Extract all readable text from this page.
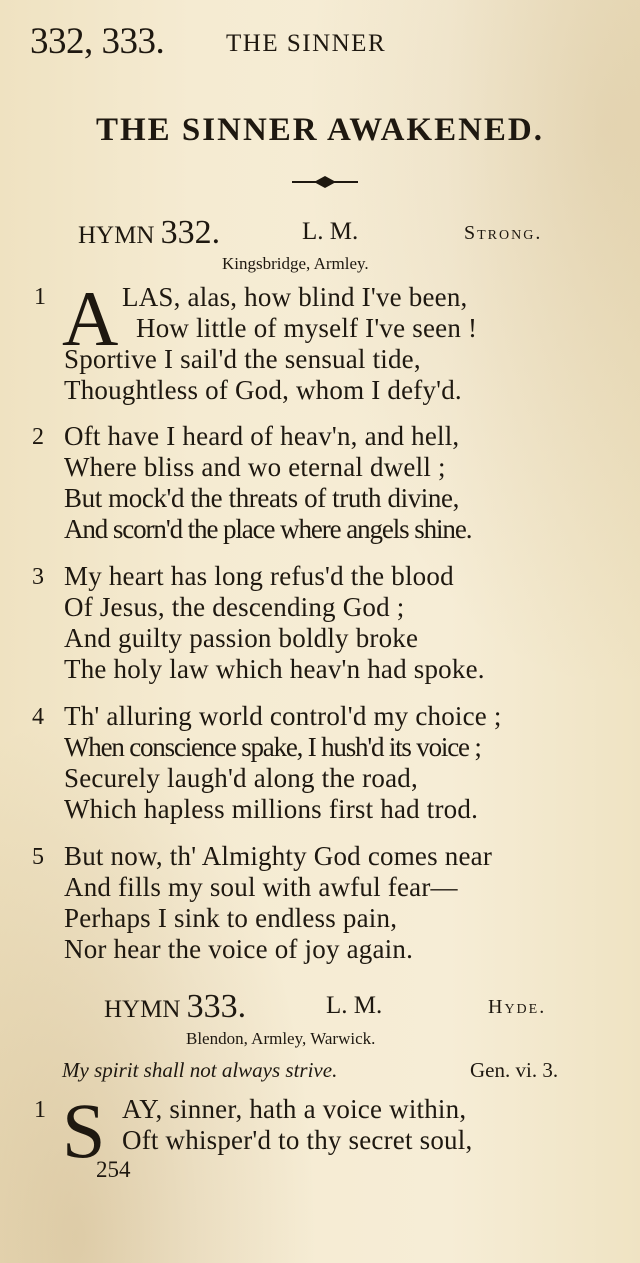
332, 333. THE SINNER
THE SINNER AWAKENED.
HYMN 332.	L. M.	Strong.
Kingsbridge, Armley.
1 A LAS, alas, how blind I've been,
How little of myself I've seen !
Sportive I sail'd the sensual tide,
Thoughtless of God, whom I defy'd.
2 Oft have I heard of heav'n, and hell,
Where bliss and wo eternal dwell ;
But mock'd the threats of truth divine,
And scorn'd the place where angels shine.
3 My heart has long refus'd the blood
Of Jesus, the descending God ;
And guilty passion boldly broke
The holy law which heav'n had spoke.
4 Th' alluring world control'd my choice ;
When conscience spake, I hush'd its voice ;
Securely laugh'd along the road,
Which hapless millions first had trod.
5 But now, th' Almighty God comes near
And fills my soul with awful fear—
Perhaps I sink to endless pain,
Nor hear the voice of joy again.
HYMN 333.	L. M.	Hyde.
Blendon, Armley, Warwick.
My spirit shall not always strive.	Gen. vi. 3.
1 S AY, sinner, hath a voice within,
Oft whisper'd to thy secret soul,
254
